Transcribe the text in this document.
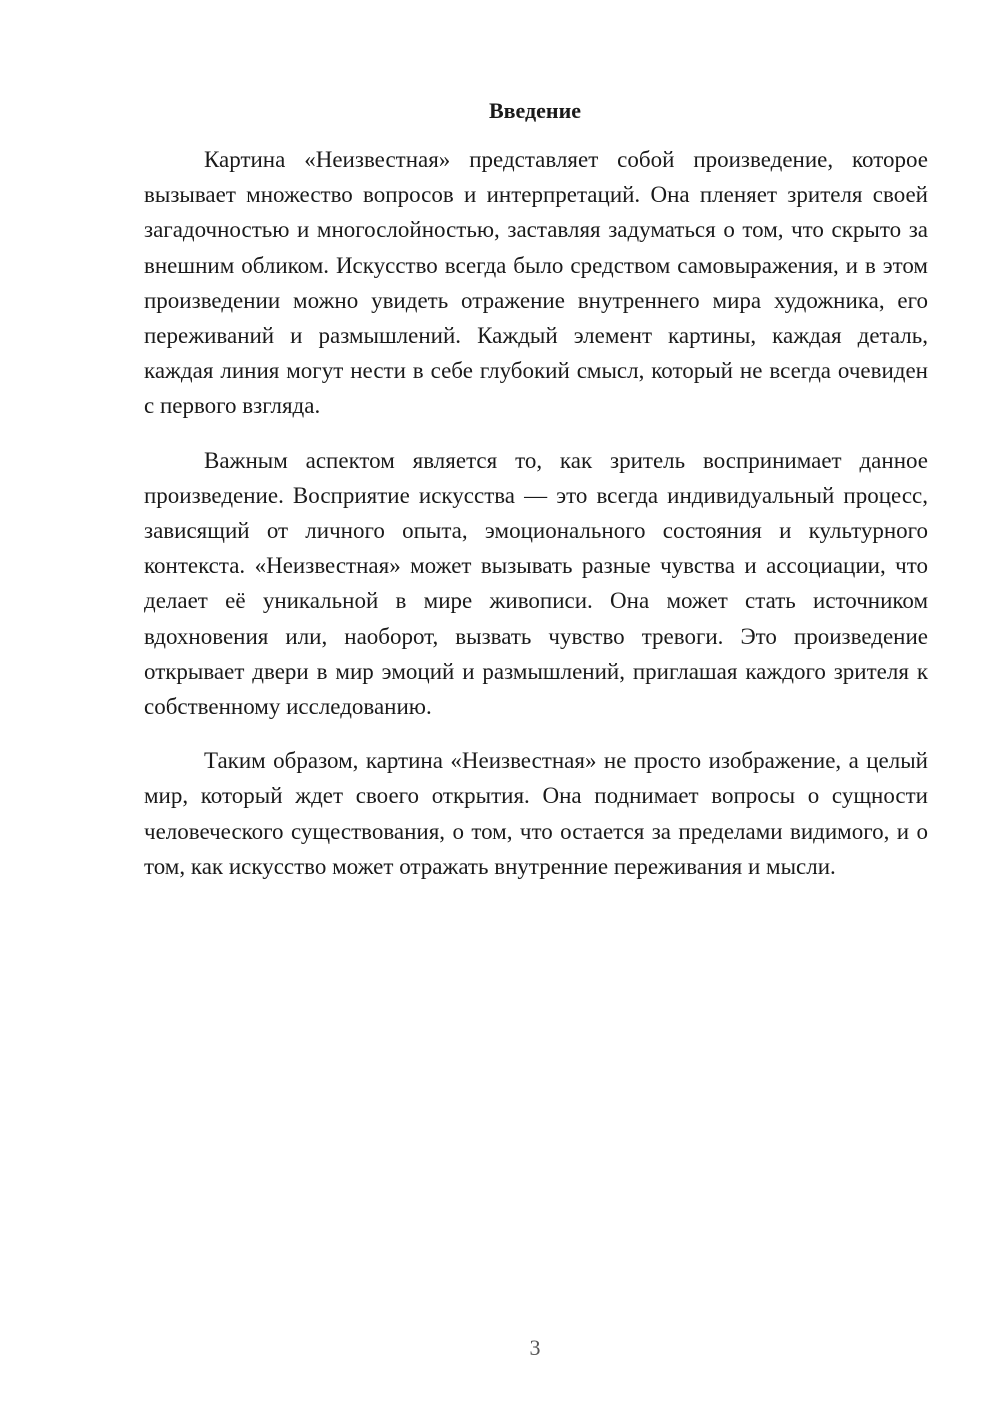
Введение

Картина «Неизвестная» представляет собой произведение, которое вызывает множество вопросов и интерпретаций. Она пленяет зрителя своей загадочностью и многослойностью, заставляя задуматься о том, что скрыто за внешним обликом. Искусство всегда было средством самовыражения, и в этом произведении можно увидеть отражение внутреннего мира художника, его переживаний и размышлений. Каждый элемент картины, каждая деталь, каждая линия могут нести в себе глубокий смысл, который не всегда очевиден с первого взгляда.

Важным аспектом является то, как зритель воспринимает данное произведение. Восприятие искусства — это всегда индивидуальный процесс, зависящий от личного опыта, эмоционального состояния и культурного контекста. «Неизвестная» может вызывать разные чувства и ассоциации, что делает её уникальной в мире живописи. Она может стать источником вдохновения или, наоборот, вызвать чувство тревоги. Это произведение открывает двери в мир эмоций и размышлений, приглашая каждого зрителя к собственному исследованию.

Таким образом, картина «Неизвестная» не просто изображение, а целый мир, который ждет своего открытия. Она поднимает вопросы о сущности человеческого существования, о том, что остается за пределами видимого, и о том, как искусство может отражать внутренние переживания и мысли.

3
